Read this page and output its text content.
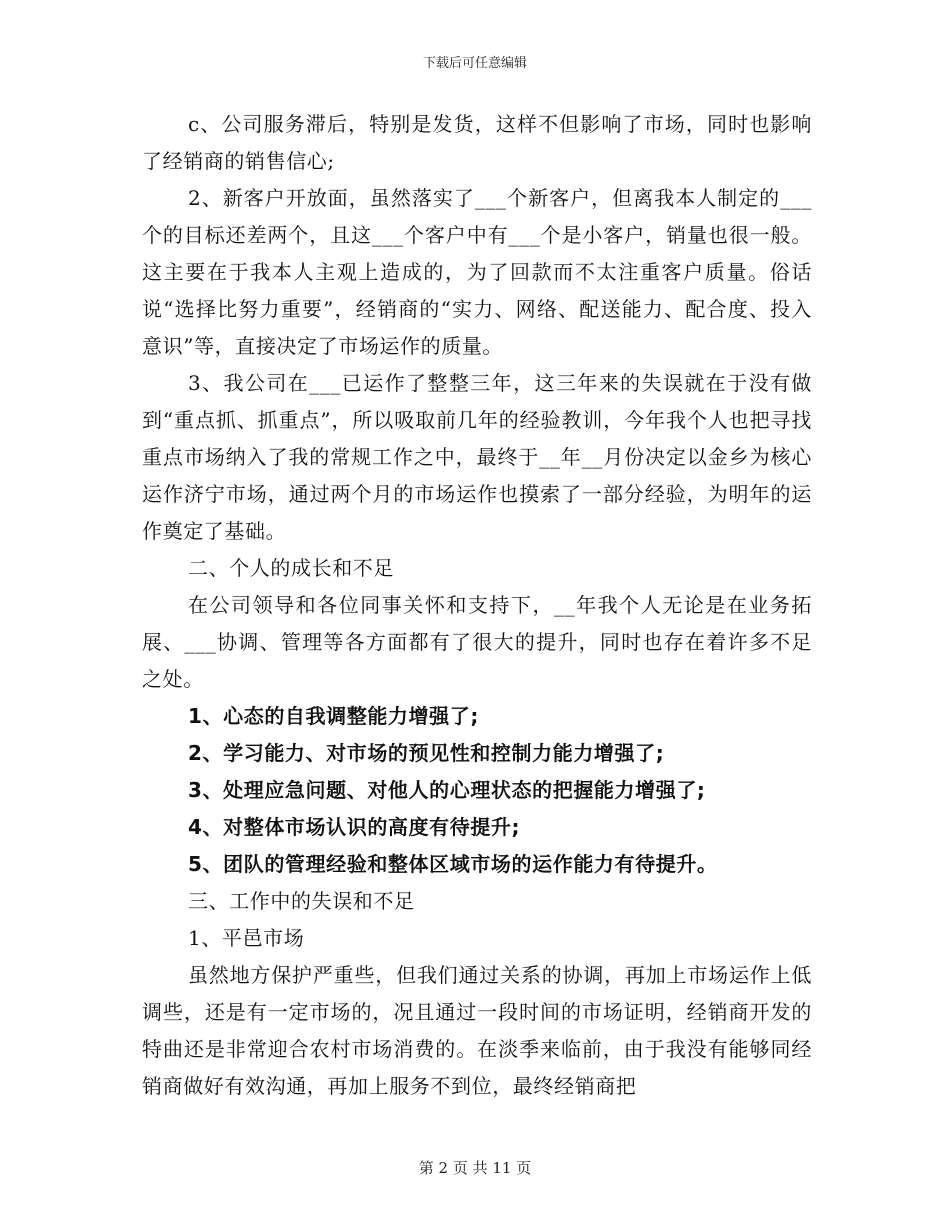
下载后可任意编辑

c、公司服务滞后，特别是发货，这样不但影响了市场，同时也影响了经销商的销售信心;

2、新客户开放面，虽然落实了___个新客户，但离我本人制定的___个的目标还差两个，且这___个客户中有___个是小客户，销量也很一般。这主要在于我本人主观上造成的，为了回款而不太注重客户质量。俗话说“选择比努力重要”，经销商的“实力、网络、配送能力、配合度、投入意识”等，直接决定了市场运作的质量。

3、我公司在___已运作了整整三年，这三年来的失误就在于没有做到“重点抓、抓重点”，所以吸取前几年的经验教训，今年我个人也把寻找重点市场纳入了我的常规工作之中，最终于__年__月份决定以金乡为核心运作济宁市场，通过两个月的市场运作也摸索了一部分经验，为明年的运作奠定了基础。

二、个人的成长和不足

在公司领导和各位同事关怀和支持下，__年我个人无论是在业务拓展、___协调、管理等各方面都有了很大的提升，同时也存在着许多不足之处。

1、心态的自我调整能力增强了;

2、学习能力、对市场的预见性和控制力能力增强了;

3、处理应急问题、对他人的心理状态的把握能力增强了;

4、对整体市场认识的高度有待提升;

5、团队的管理经验和整体区域市场的运作能力有待提升。

三、工作中的失误和不足

1、平邑市场

虽然地方保护严重些，但我们通过关系的协调，再加上市场运作上低调些，还是有一定市场的，况且通过一段时间的市场证明，经销商开发的特曲还是非常迎合农村市场消费的。在淡季来临前，由于我没有能够同经销商做好有效沟通，再加上服务不到位，最终经销商把

第 2 页 共 11 页
